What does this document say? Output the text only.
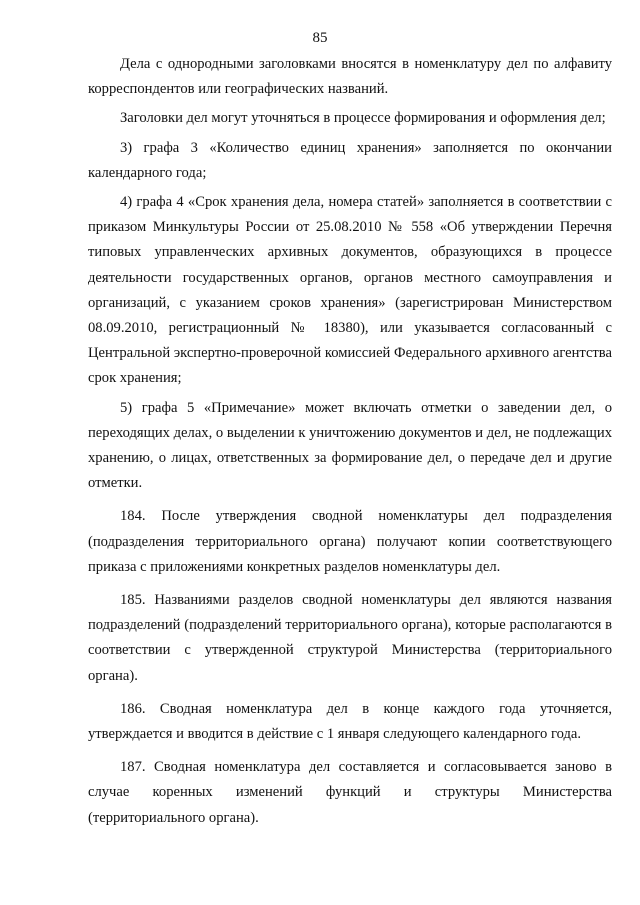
85

Дела с однородными заголовками вносятся в номенклатуру дел по алфавиту корреспондентов или географических названий.

Заголовки дел могут уточняться в процессе формирования и оформления дел;

3) графа 3 «Количество единиц хранения» заполняется по окончании календарного года;

4) графа 4 «Срок хранения дела, номера статей» заполняется в соответствии с приказом Минкультуры России от 25.08.2010 № 558 «Об утверждении Перечня типовых управленческих архивных документов, образующихся в процессе деятельности государственных органов, органов местного самоуправления и организаций, с указанием сроков хранения» (зарегистрирован Министерством 08.09.2010, регистрационный № 18380), или указывается согласованный с Центральной экспертно-проверочной комиссией Федерального архивного агентства срок хранения;

5) графа 5 «Примечание» может включать отметки о заведении дел, о переходящих делах, о выделении к уничтожению документов и дел, не подлежащих хранению, о лицах, ответственных за формирование дел, о передаче дел и другие отметки.

184. После утверждения сводной номенклатуры дел подразделения (подразделения территориального органа) получают копии соответствующего приказа с приложениями конкретных разделов номенклатуры дел.

185. Названиями разделов сводной номенклатуры дел являются названия подразделений (подразделений территориального органа), которые располагаются в соответствии с утвержденной структурой Министерства (территориального органа).

186. Сводная номенклатура дел в конце каждого года уточняется, утверждается и вводится в действие с 1 января следующего календарного года.

187. Сводная номенклатура дел составляется и согласовывается заново в случае коренных изменений функций и структуры Министерства (территориального органа).
